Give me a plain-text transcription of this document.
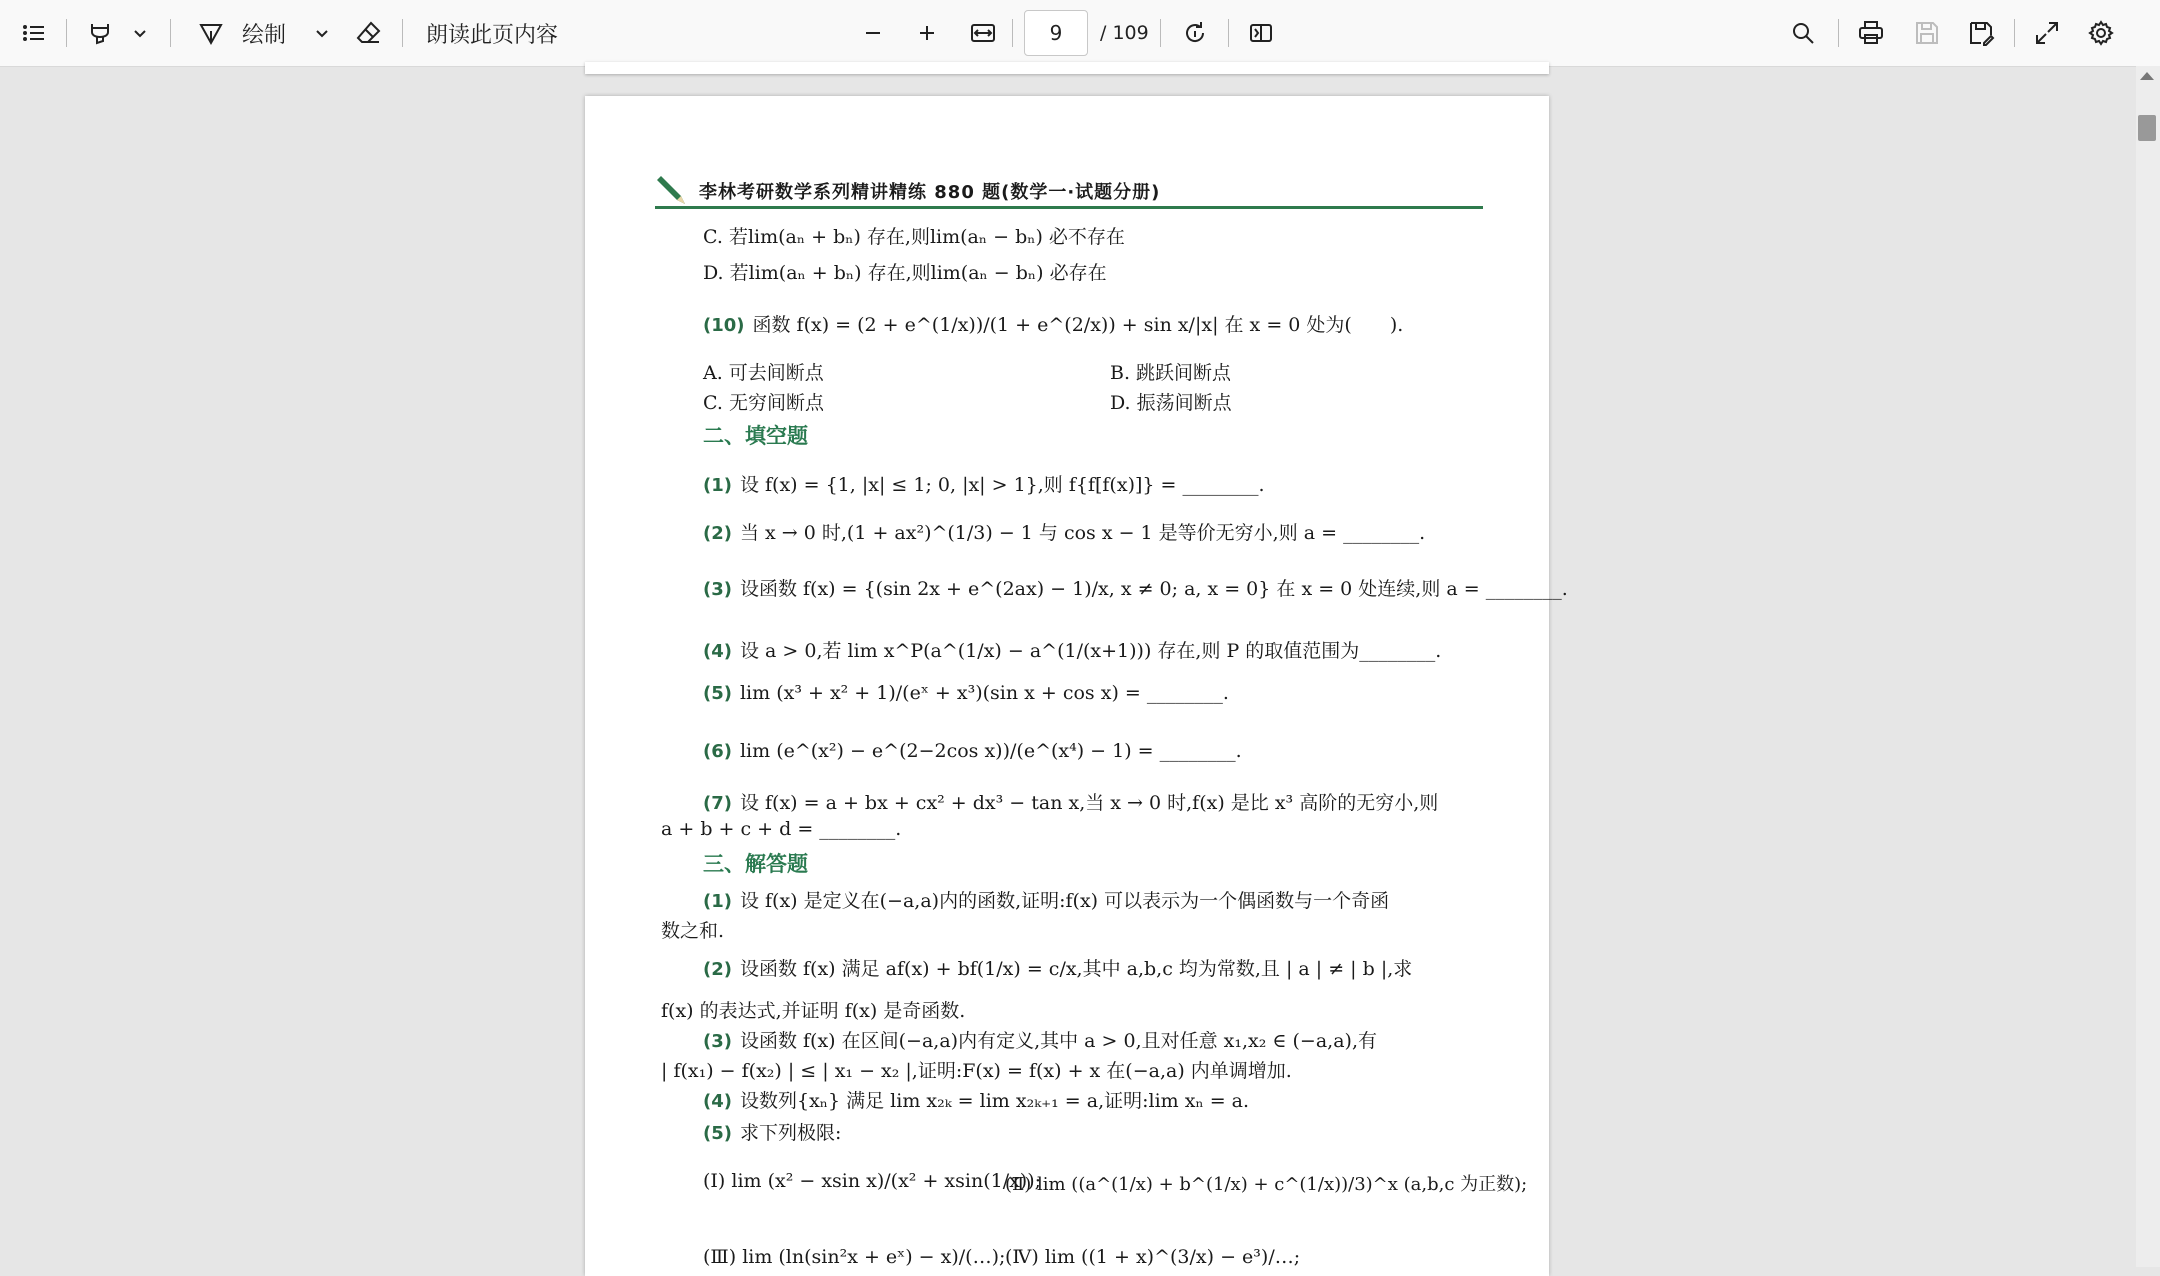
绘制	朗读此页内容	9	/ 109
李林考研数学系列精讲精练 880 题(数学一·试题分册)
C. 若lim(aₙ + bₙ) 存在,则lim(aₙ − bₙ) 必不存在
D. 若lim(aₙ + bₙ) 存在,则lim(aₙ − bₙ) 必存在
(10) 函数 f(x) = (2 + e^(1/x))/(1 + e^(2/x)) + sin x/|x| 在 x = 0 处为(　　).
A. 可去间断点	B. 跳跃间断点
C. 无穷间断点	D. 振荡间断点
二、填空题
(1) 设 f(x) = {1, |x| ≤ 1; 0, |x| > 1},则 f{f[f(x)]} = ________.
(2) 当 x → 0 时,(1 + ax²)^(1/3) − 1 与 cos x − 1 是等价无穷小,则 a = ________.
(3) 设函数 f(x) = {(sin 2x + e^(2ax) − 1)/x, x ≠ 0; a, x = 0} 在 x = 0 处连续,则 a = ________.
(4) 设 a > 0,若 lim x^P(a^(1/x) − a^(1/(x+1))) 存在,则 P 的取值范围为________.
(5) lim (x³ + x² + 1)/(eˣ + x³)(sin x + cos x) = ________.
(6) lim (e^(x²) − e^(2−2cos x))/(e^(x⁴) − 1) = ________.
(7) 设 f(x) = a + bx + cx² + dx³ − tan x,当 x → 0 时,f(x) 是比 x³ 高阶的无穷小,则
a + b + c + d = ________.
三、解答题
(1) 设 f(x) 是定义在(−a,a)内的函数,证明:f(x) 可以表示为一个偶函数与一个奇函
数之和.
(2) 设函数 f(x) 满足 af(x) + bf(1/x) = c/x,其中 a,b,c 均为常数,且 | a | ≠ | b |,求
f(x) 的表达式,并证明 f(x) 是奇函数.
(3) 设函数 f(x) 在区间(−a,a)内有定义,其中 a > 0,且对任意 x₁,x₂ ∈ (−a,a),有
| f(x₁) − f(x₂) | ≤ | x₁ − x₂ |,证明:F(x) = f(x) + x 在(−a,a) 内单调增加.
(4) 设数列{xₙ} 满足 lim x₂ₖ = lim x₂ₖ₊₁ = a,证明:lim xₙ = a.
(5) 求下列极限:
(Ⅰ) lim (x² − xsin x)/(x² + xsin(1/x));
(Ⅱ) lim ((a^(1/x) + b^(1/x) + c^(1/x))/3)^x (a,b,c 为正数);
(Ⅲ) lim (ln(sin²x + eˣ) − x)/(…); (Ⅳ) lim ((1 + x)^(3/x) − e³)/…;
